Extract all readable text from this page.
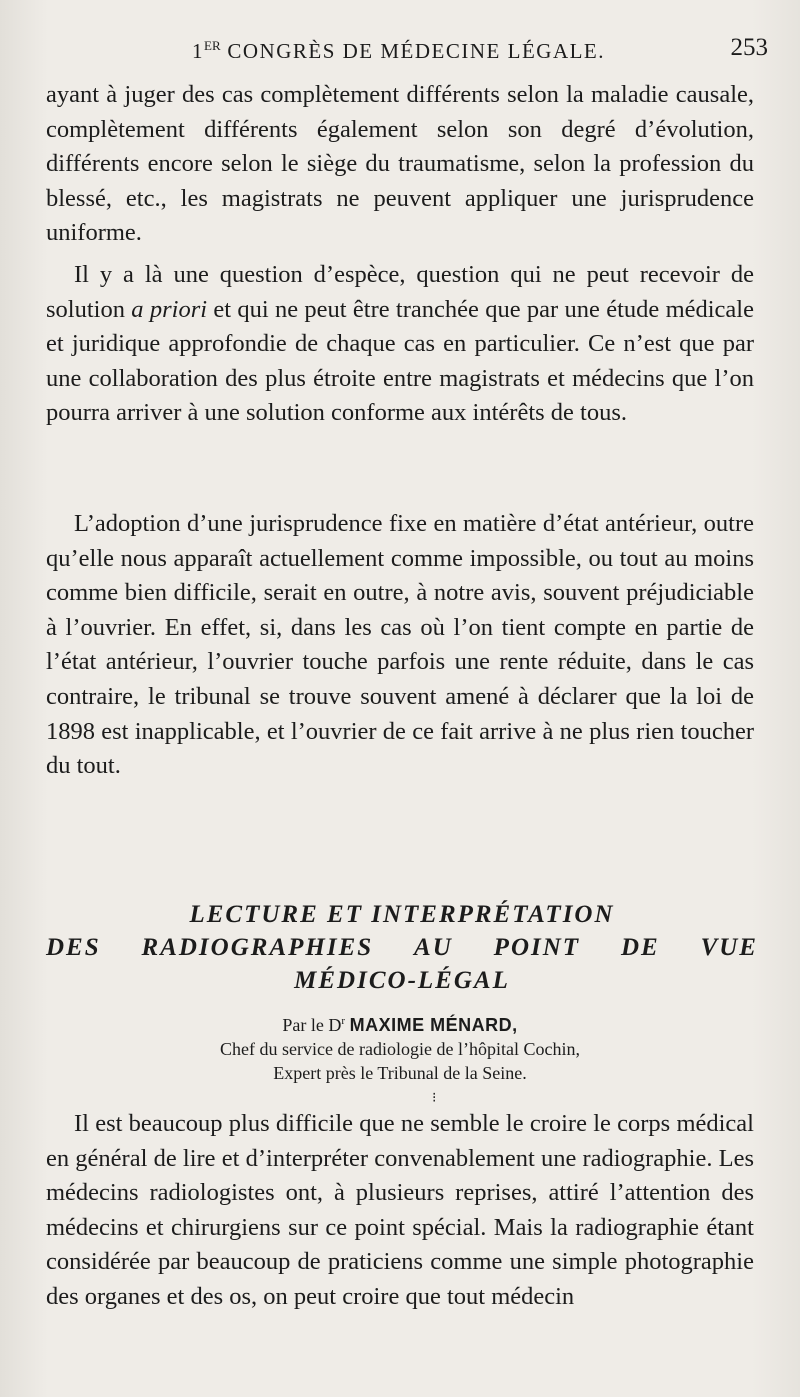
1ER CONGRÈS DE MÉDECINE LÉGALE.	253

ayant à juger des cas complètement différents selon la maladie causale, complètement différents également selon son degré d’évolution, différents encore selon le siège du traumatisme, selon la profession du blessé, etc., les magistrats ne peuvent appliquer une jurisprudence uniforme.

Il y a là une question d’espèce, question qui ne peut recevoir de solution a priori et qui ne peut être tranchée que par une étude médicale et juridique approfondie de chaque cas en particulier. Ce n’est que par une collaboration des plus étroite entre magistrats et médecins que l’on pourra arriver à une solution conforme aux intérêts de tous.

L’adoption d’une jurisprudence fixe en matière d’état antérieur, outre qu’elle nous apparaît actuellement comme impossible, ou tout au moins comme bien difficile, serait en outre, à notre avis, souvent préjudiciable à l’ouvrier. En effet, si, dans les cas où l’on tient compte en partie de l’état antérieur, l’ouvrier touche parfois une rente réduite, dans le cas contraire, le tribunal se trouve souvent amené à déclarer que la loi de 1898 est inapplicable, et l’ouvrier de ce fait arrive à ne plus rien toucher du tout.

LECTURE ET INTERPRÉTATION
DES RADIOGRAPHIES AU POINT DE VUE
MÉDICO-LÉGAL
Par le $D^r$ MAXIME MÉNARD,
Chef du service de radiologie de l’hôpital Cochin,
Expert près le Tribunal de la Seine.
⁝

Il est beaucoup plus difficile que ne semble le croire le corps médical en général de lire et d’interpréter convenablement une radiographie. Les médecins radiologistes ont, à plusieurs reprises, attiré l’attention des médecins et chirurgiens sur ce point spécial. Mais la radiographie étant considérée par beaucoup de praticiens comme une simple photographie des organes et des os, on peut croire que tout médecin
